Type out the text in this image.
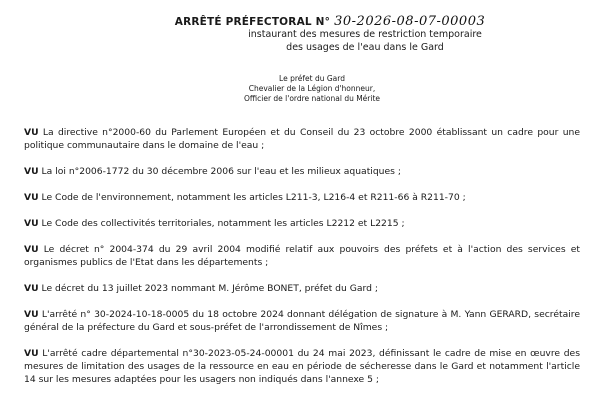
ARRÊTÉ PRÉFECTORAL N° 30-2026-08-07-00003
instaurant des mesures de restriction temporaire
des usages de l'eau dans le Gard
Le préfet du Gard
Chevalier de la Légion d'honneur,
Officier de l'ordre national du Mérite

VU La directive n°2000-60 du Parlement Européen et du Conseil du 23 octobre 2000 établissant un cadre pour une politique communautaire dans le domaine de l'eau ;

VU La loi n°2006-1772 du 30 décembre 2006 sur l'eau et les milieux aquatiques ;

VU Le Code de l'environnement, notamment les articles L211-3, L216-4 et R211-66 à R211-70 ;

VU Le Code des collectivités territoriales, notamment les articles L2212 et L2215 ;

VU Le décret n° 2004-374 du 29 avril 2004 modifié relatif aux pouvoirs des préfets et à l'action des services et organismes publics de l'Etat dans les départements ;

VU Le décret du 13 juillet 2023 nommant M. Jérôme BONET, préfet du Gard ;

VU L'arrêté n° 30-2024-10-18-0005 du 18 octobre 2024 donnant délégation de signature à M. Yann GERARD, secrétaire général de la préfecture du Gard et sous-préfet de l'arrondissement de Nîmes ;

VU L'arrêté cadre départemental n°30-2023-05-24-00001 du 24 mai 2023, définissant le cadre de mise en œuvre des mesures de limitation des usages de la ressource en eau en période de sécheresse dans le Gard et notamment l'article 14 sur les mesures adaptées pour les usagers non indiqués dans l'annexe 5 ;
